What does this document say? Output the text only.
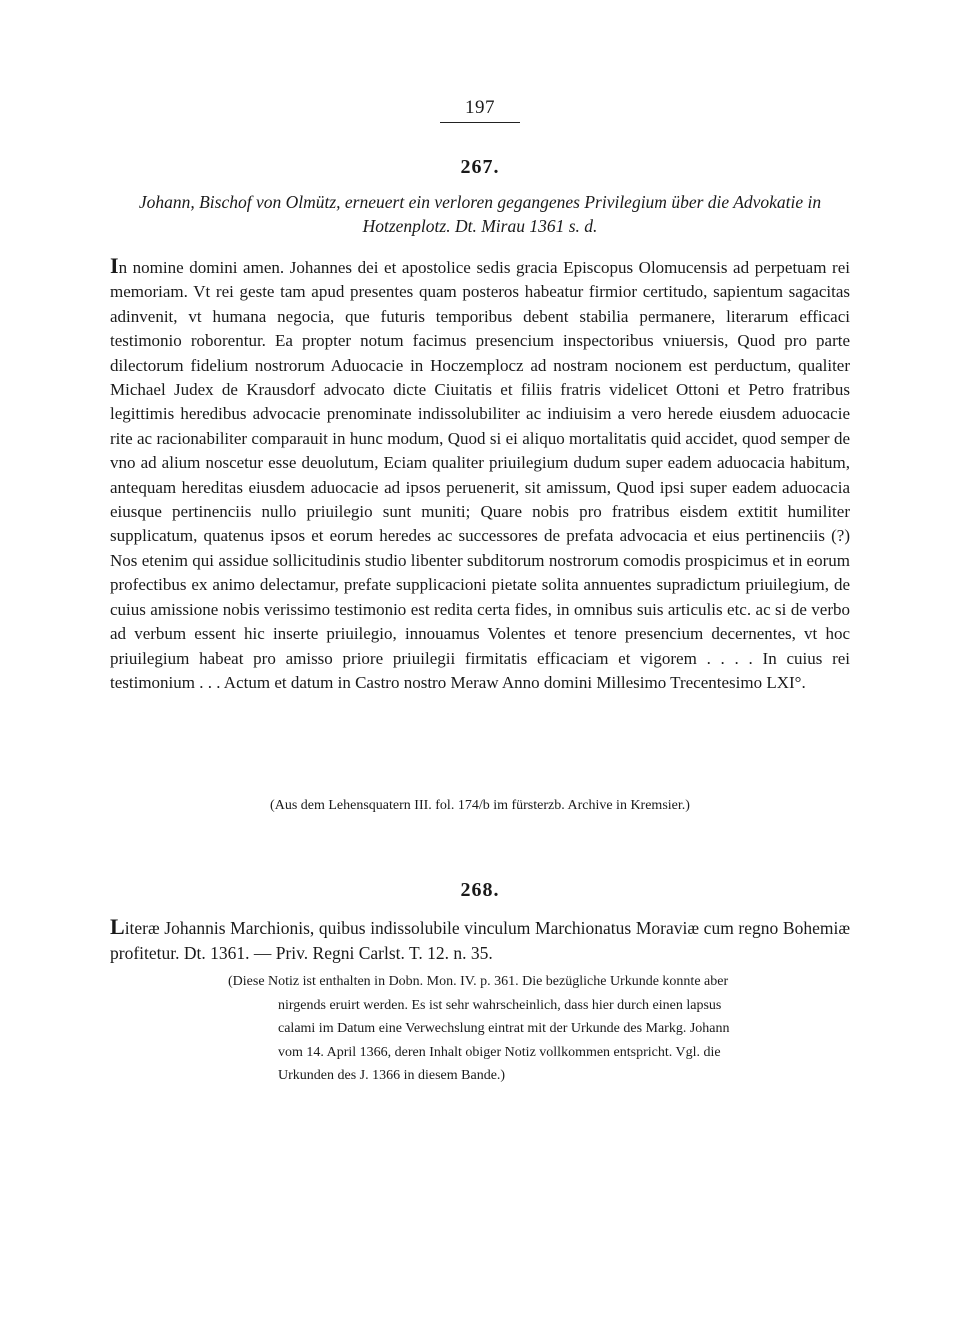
197
267.
Johann, Bischof von Olmütz, erneuert ein verloren gegangenes Privilegium über die Advokatie in Hotzenplotz. Dt. Mirau 1361 s. d.
In nomine domini amen. Johannes dei et apostolice sedis gracia Episcopus Olomucensis ad perpetuam rei memoriam. Vt rei geste tam apud presentes quam posteros habeatur firmior certitudo, sapientum sagacitas adinvenit, vt humana negocia, que futuris temporibus debent stabilia permanere, literarum efficaci testimonio roborentur. Ea propter notum facimus presencium inspectoribus vniuersis, Quod pro parte dilectorum fidelium nostrorum Aduocacie in Hoczemplocz ad nostram nocionem est perductum, qualiter Michael Judex de Krausdorf advocato dicte Ciuitatis et filiis fratris videlicet Ottoni et Petro fratribus legittimis heredibus advocacie prenominate indissolubiliter ac indiuisim a vero herede eiusdem aduocacie rite ac racionabiliter comparauit in hunc modum, Quod si ei aliquo mortalitatis quid accidet, quod semper de vno ad alium noscetur esse deuolutum, Eciam qualiter priuilegium dudum super eadem aduocacia habitum, antequam hereditas eiusdem aduocacie ad ipsos peruenerit, sit amissum, Quod ipsi super eadem aduocacia eiusque pertinenciis nullo priuilegio sunt muniti; Quare nobis pro fratribus eisdem extitit humiliter supplicatum, quatenus ipsos et eorum heredes ac successores de prefata advocacia et eius pertinenciis (?) Nos etenim qui assidue sollicitudinis studio libenter subditorum nostrorum comodis prospicimus et in eorum profectibus ex animo delectamur, prefate supplicacioni pietate solita annuentes supradictum priuilegium, de cuius amissione nobis verissimo testimonio est redita certa fides, in omnibus suis articulis etc. ac si de verbo ad verbum essent hic inserte priuilegio, innouamus Volentes et tenore presencium decernentes, vt hoc priuilegium habeat pro amisso priore priuilegii firmitatis efficaciam et vigorem . . . . In cuius rei testimonium . . . Actum et datum in Castro nostro Meraw Anno domini Millesimo Trecentesimo LXI°.
(Aus dem Lehensquatern III. fol. 174/b im fürsterzb. Archive in Kremsier.)
268.
Literæ Johannis Marchionis, quibus indissolubile vinculum Marchionatus Moraviæ cum regno Bohemiæ profitetur. Dt. 1361. — Priv. Regni Carlst. T. 12. n. 35.
(Diese Notiz ist enthalten in Dobn. Mon. IV. p. 361. Die bezügliche Urkunde konnte aber
nirgends eruirt werden. Es ist sehr wahrscheinlich, dass hier durch einen lapsus
calami im Datum eine Verwechslung eintrat mit der Urkunde des Markg. Johann
vom 14. April 1366, deren Inhalt obiger Notiz vollkommen entspricht. Vgl. die
Urkunden des J. 1366 in diesem Bande.)
